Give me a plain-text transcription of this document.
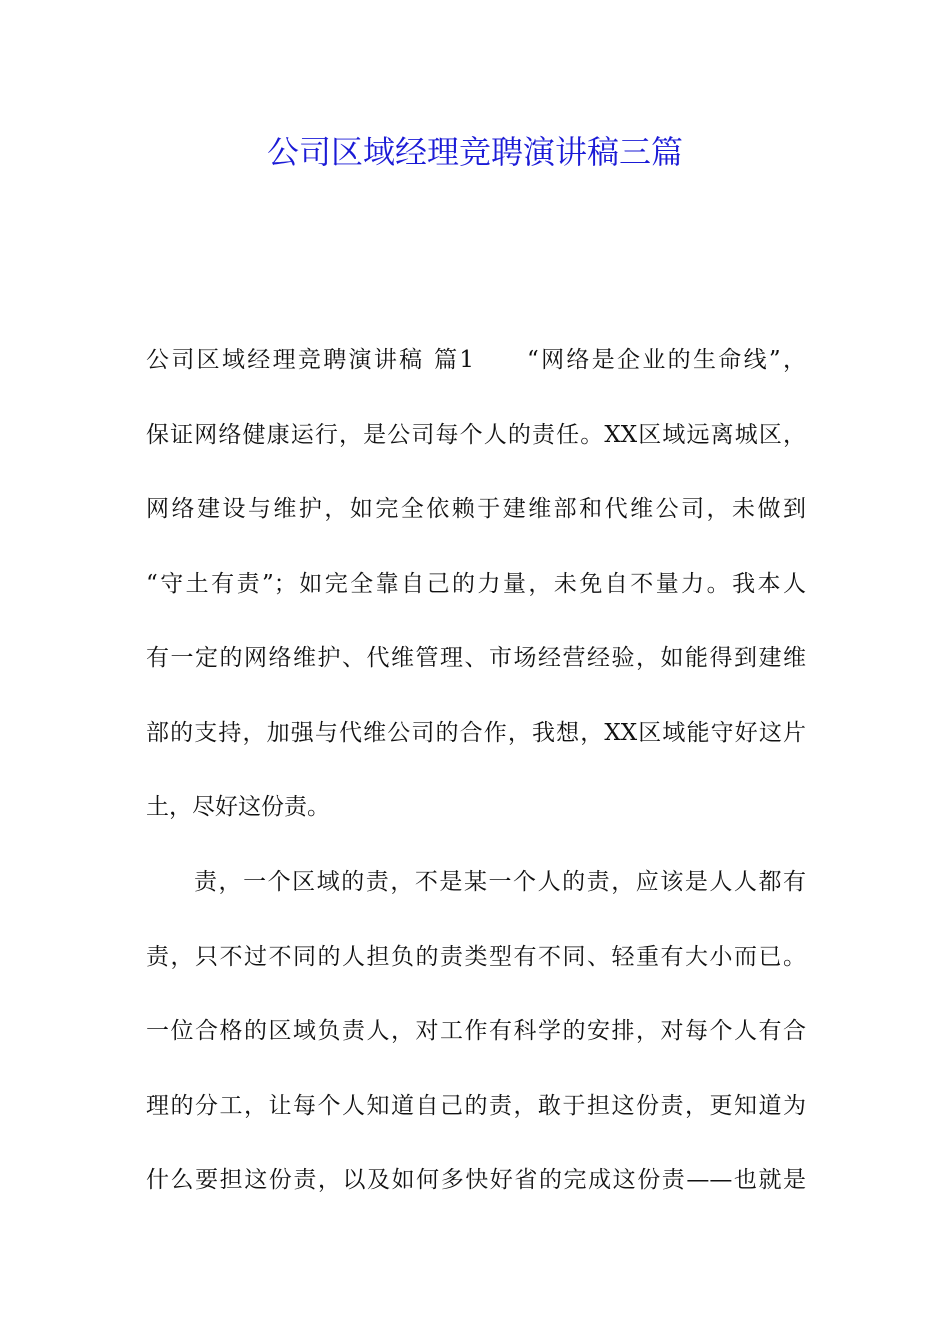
公司区域经理竞聘演讲稿三篇
公司区域经理竞聘演讲稿 篇1　　“网络是企业的生命线”，
保证网络健康运行，是公司每个人的责任。XX区域远离城区，
网络建设与维护，如完全依赖于建维部和代维公司，未做到
“守土有责”；如完全靠自己的力量，未免自不量力。我本人
有一定的网络维护、代维管理、市场经营经验，如能得到建维
部的支持，加强与代维公司的合作，我想，XX区域能守好这片
土，尽好这份责。
责，一个区域的责，不是某一个人的责，应该是人人都有
责，只不过不同的人担负的责类型有不同、轻重有大小而已。
一位合格的区域负责人，对工作有科学的安排，对每个人有合
理的分工，让每个人知道自己的责，敢于担这份责，更知道为
什么要担这份责，以及如何多快好省的完成这份责——也就是
